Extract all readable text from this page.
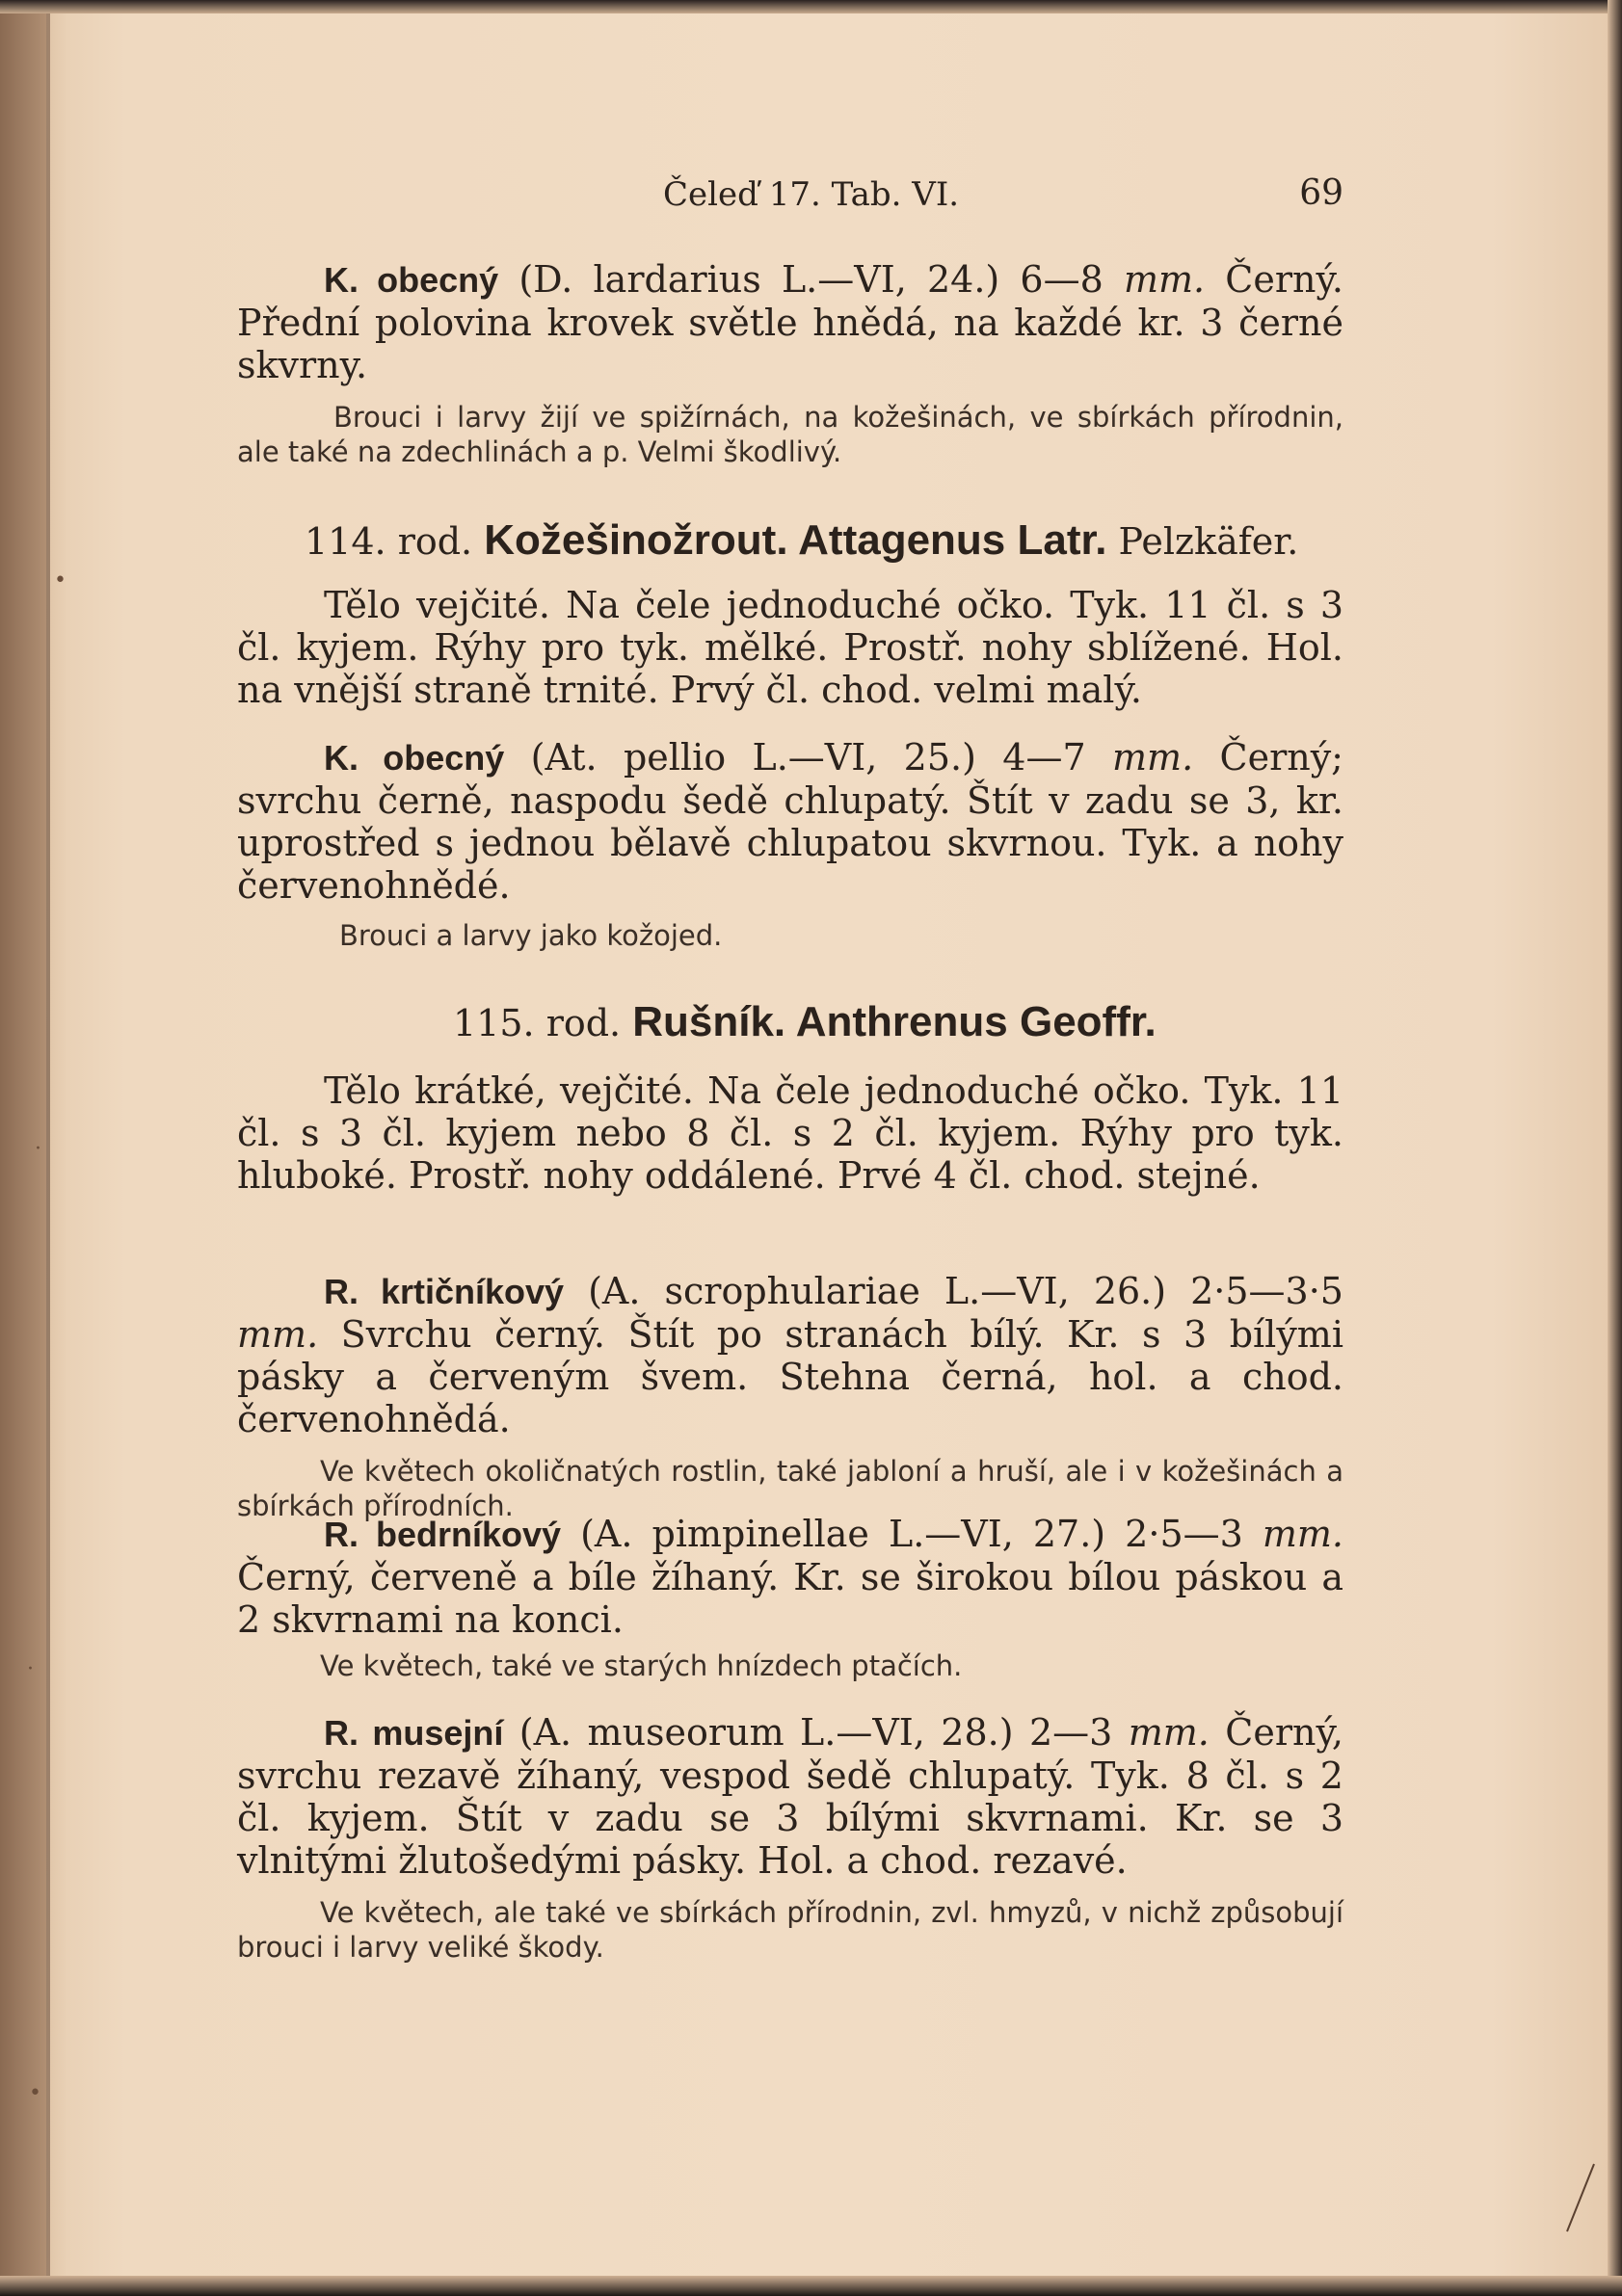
•
·
·
•
Čeleď 17. Tab. VI.	69

K. obecný (D. lardarius L.—VI, 24.) 6—8 mm. Černý. Přední polovina krovek světle hnědá, na každé kr. 3 černé skvrny.

Brouci i larvy žijí ve spižírnách, na kožešinách, ve sbírkách přírodnin, ale také na zdechlinách a p. Velmi škodlivý.

114. rod. Kožešinožrout. Attagenus Latr. Pelzkäfer.

Tělo vejčité. Na čele jednoduché očko. Tyk. 11 čl. s 3 čl. kyjem. Rýhy pro tyk. mělké. Prostř. nohy sblížené. Hol. na vnější straně trnité. Prvý čl. chod. velmi malý.

K. obecný (At. pellio L.—VI, 25.) 4—7 mm. Černý; svrchu černě, naspodu šedě chlupatý. Štít v zadu se 3, kr. uprostřed s jednou bělavě chlupatou skvrnou. Tyk. a nohy červenohnědé.

Brouci a larvy jako kožojed.

115. rod. Rušník. Anthrenus Geoffr.

Tělo krátké, vejčité. Na čele jednoduché očko. Tyk. 11 čl. s 3 čl. kyjem nebo 8 čl. s 2 čl. kyjem. Rýhy pro tyk. hluboké. Prostř. nohy oddálené. Prvé 4 čl. chod. stejné.

R. krtičníkový (A. scrophulariae L.—VI, 26.) 2·5—3·5 mm. Svrchu černý. Štít po stranách bílý. Kr. s 3 bílými pásky a červeným švem. Stehna černá, hol. a chod. červenohnědá.

Ve květech okoličnatých rostlin, také jabloní a hruší, ale i v kožešinách a sbírkách přírodních.

R. bedrníkový (A. pimpinellae L.—VI, 27.) 2·5—3 mm. Černý, červeně a bíle žíhaný. Kr. se širokou bílou páskou a 2 skvrnami na konci.

Ve květech, také ve starých hnízdech ptačích.

R. musejní (A. museorum L.—VI, 28.) 2—3 mm. Černý, svrchu rezavě žíhaný, vespod šedě chlupatý. Tyk. 8 čl. s 2 čl. kyjem. Štít v zadu se 3 bílými skvrnami. Kr. se 3 vlnitými žlutošedými pásky. Hol. a chod. rezavé.

Ve květech, ale také ve sbírkách přírodnin, zvl. hmyzů, v nichž způsobují brouci i larvy veliké škody.
